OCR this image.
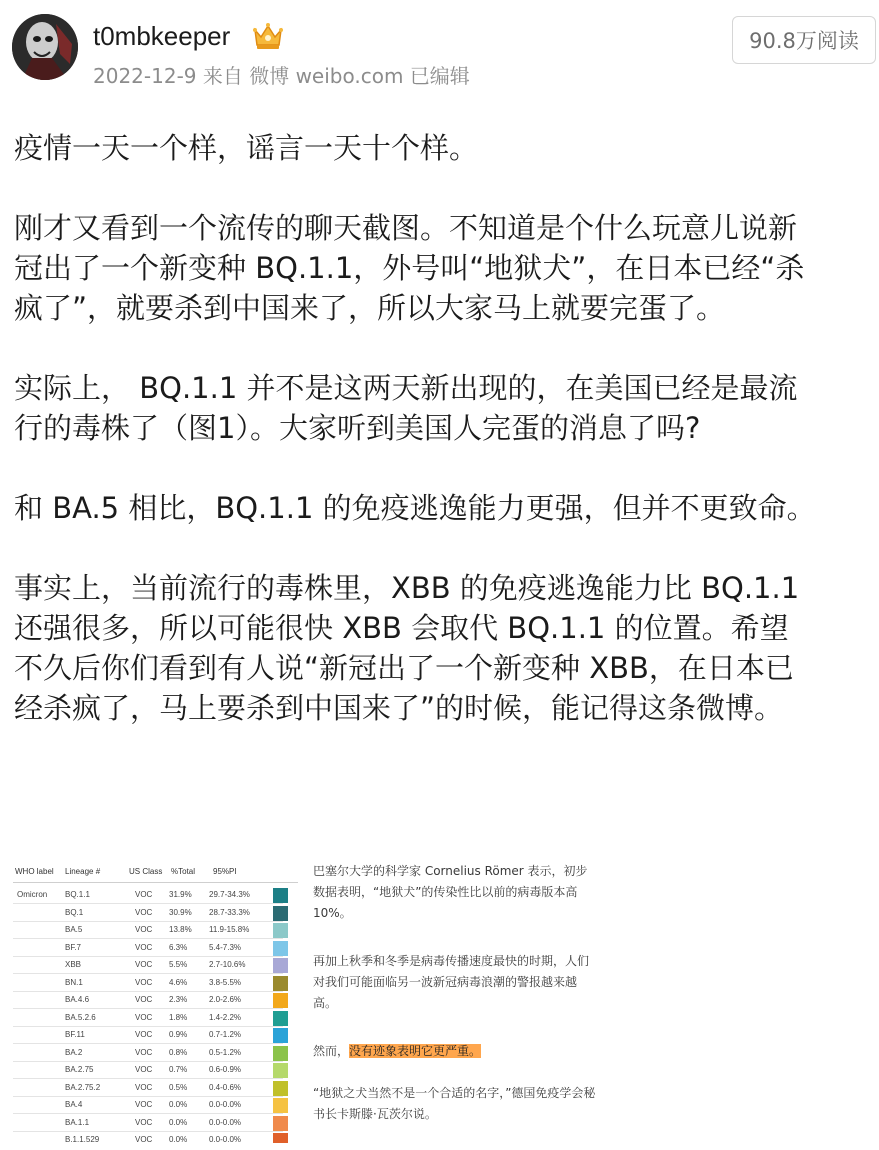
t0mbkeeper
2022-12-9 来自 微博 weibo.com 已编辑
90.8万阅读

疫情一天一个样，谣言一天十个样。

刚才又看到一个流传的聊天截图。不知道是个什么玩意儿说新
冠出了一个新变种 BQ.1.1，外号叫“地狱犬”，在日本已经“杀
疯了”，就要杀到中国来了，所以大家马上就要完蛋了。

实际上， BQ.1.1 并不是这两天新出现的，在美国已经是最流
行的毒株了（图1）。大家听到美国人完蛋的消息了吗?

和 BA.5 相比，BQ.1.1 的免疫逃逸能力更强，但并不更致命。

事实上，当前流行的毒株里，XBB 的免疫逃逸能力比 BQ.1.1
还强很多，所以可能很快 XBB 会取代 BQ.1.1 的位置。希望
不久后你们看到有人说“新冠出了一个新变种 XBB，在日本已
经杀疯了，马上要杀到中国来了”的时候，能记得这条微博。

WHO label Lineage #	US Class %Total 95%PI
Omicron BQ.1.1	VOC 31.9% 29.7-34.3%
BQ.1	VOC 30.9% 28.7-33.3%
BA.5	VOC 13.8% 11.9-15.8%
BF.7	VOC 6.3%	5.4-7.3%
XBB	VOC 5.5%	2.7-10.6%
BN.1	VOC 4.6%	3.8-5.5%
BA.4.6	VOC 2.3%	2.0-2.6%
BA.5.2.6	VOC 1.8%	1.4-2.2%
BF.11	VOC 0.9%	0.7-1.2%
BA.2	VOC 0.8%	0.5-1.2%
BA.2.75	VOC 0.7%	0.6-0.9%
BA.2.75.2	VOC 0.5%	0.4-0.6%
BA.4	VOC 0.0%	0.0-0.0%
BA.1.1	VOC 0.0%	0.0-0.0%
B.1.1.529	VOC 0.0%	0.0-0.0%

巴塞尔大学的科学家 Cornelius Römer 表示，初步数据表明，“地狱犬”的传染性比以前的病毒版本高 10%。

再加上秋季和冬季是病毒传播速度最快的时期，人们对我们可能面临另一波新冠病毒浪潮的警报越来越高。

然而，没有迹象表明它更严重。

“地狱之犬当然不是一个合适的名字，”德国免疫学会秘书长卡斯滕·瓦茨尔说。
